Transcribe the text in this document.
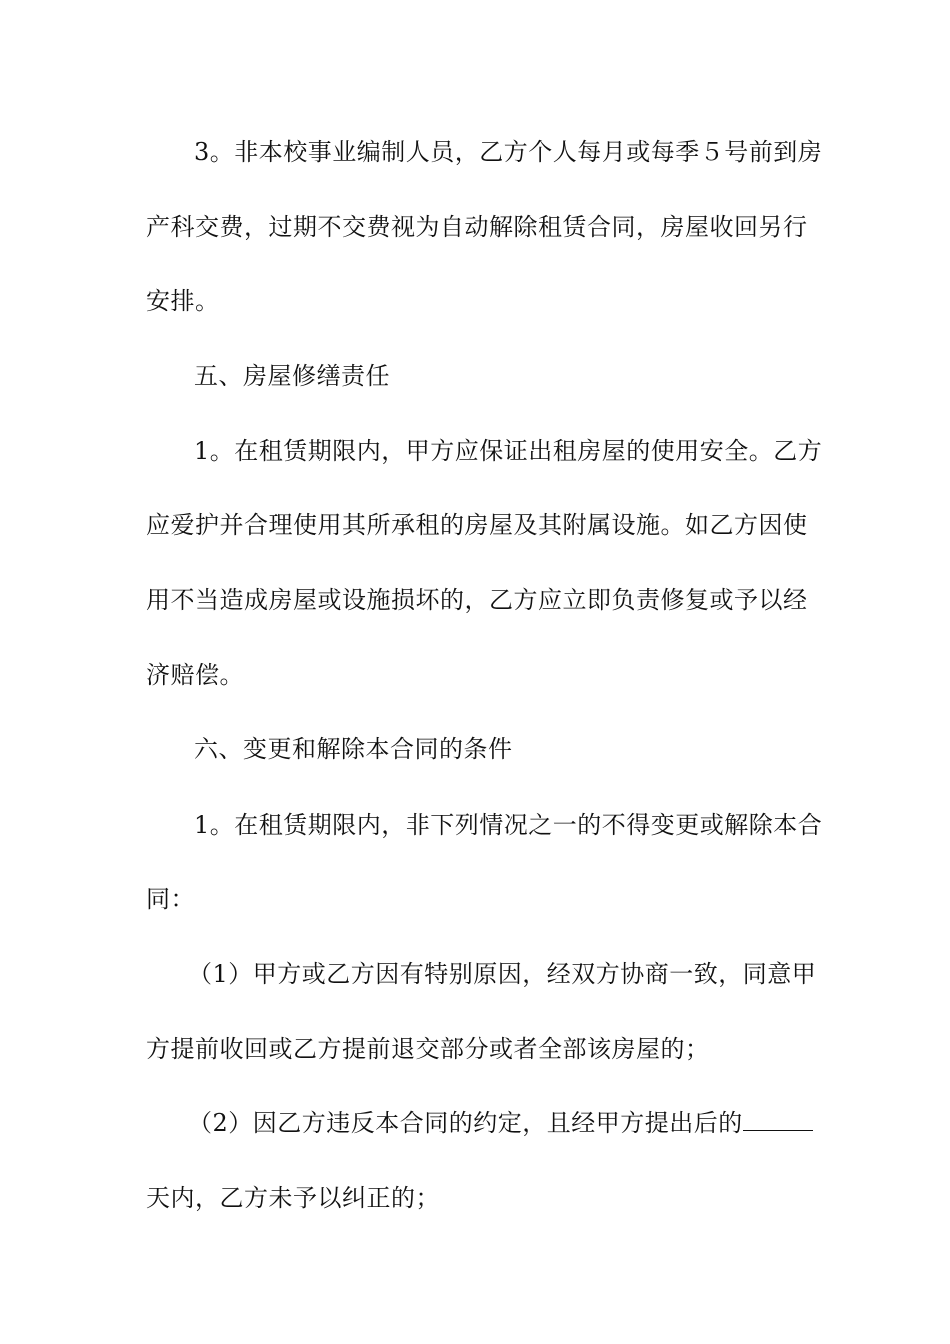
3。非本校事业编制人员，乙方个人每月或每季５号前到房
产科交费，过期不交费视为自动解除租赁合同，房屋收回另行
安排。
五、房屋修缮责任
1。在租赁期限内，甲方应保证出租房屋的使用安全。乙方
应爱护并合理使用其所承租的房屋及其附属设施。如乙方因使
用不当造成房屋或设施损坏的，乙方应立即负责修复或予以经
济赔偿。
六、变更和解除本合同的条件
1。在租赁期限内，非下列情况之一的不得变更或解除本合
同：
（1）甲方或乙方因有特别原因，经双方协商一致，同意甲
方提前收回或乙方提前退交部分或者全部该房屋的；
（2）因乙方违反本合同的约定，且经甲方提出后的
天内，乙方未予以纠正的；
